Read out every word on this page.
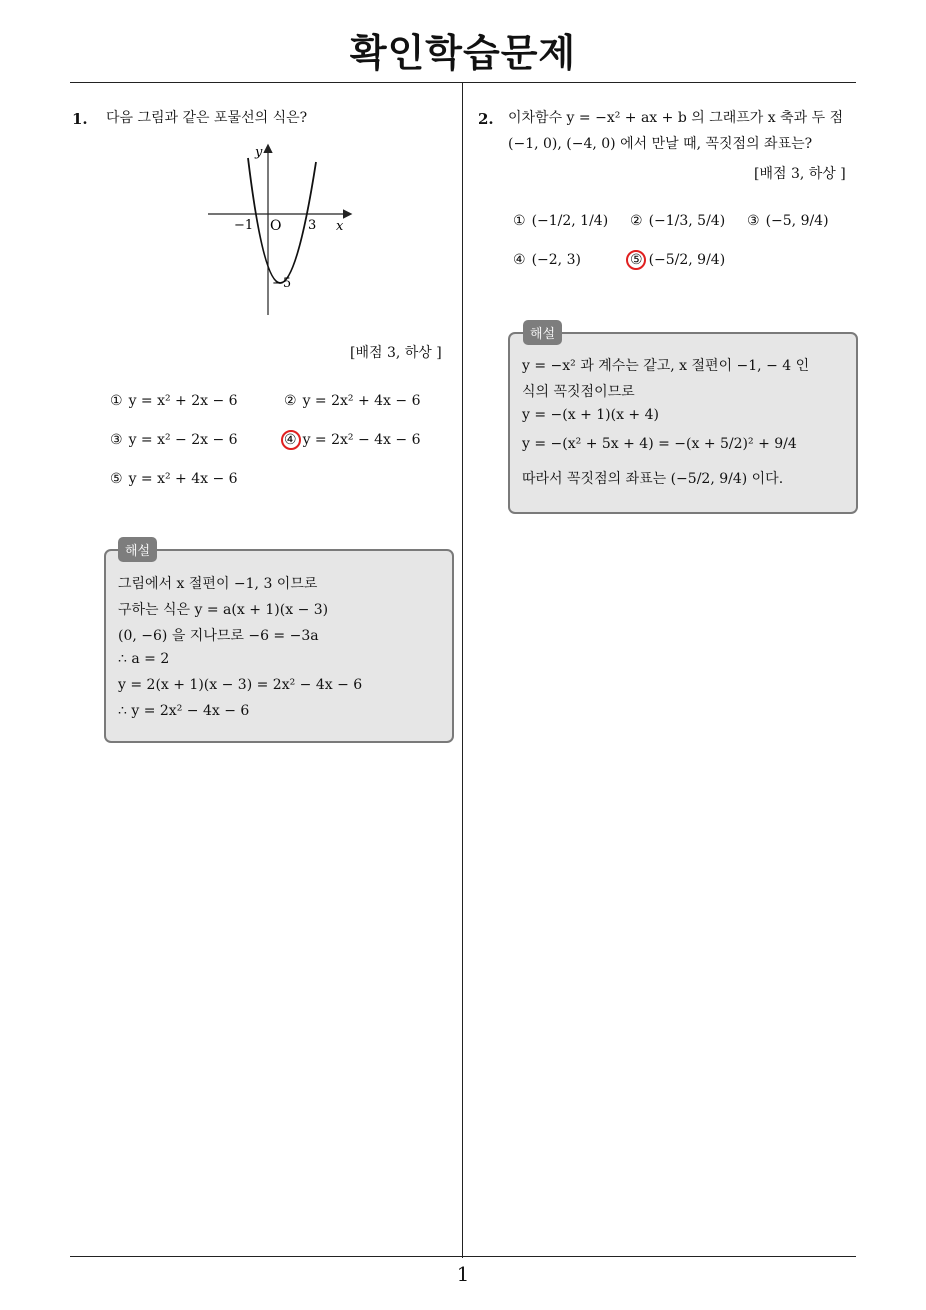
확인학습문제
1. 다음 그림과 같은 포물선의 식은?
y
x
O
−1	3
−5
[배점 3, 하상 ]
① y = x² + 2x − 6	② y = 2x² + 4x − 6
③ y = x² − 2x − 6	④ y = 2x² − 4x − 6
⑤ y = x² + 4x − 6
해설
그림에서 x 절편이 −1, 3 이므로
구하는 식은 y = a(x + 1)(x − 3)
(0, −6) 을 지나므로 −6 = −3a
∴ a = 2
y = 2(x + 1)(x − 3) = 2x² − 4x − 6
∴ y = 2x² − 4x − 6
2. 이차함수 y = −x² + ax + b 의 그래프가 x 축과 두 점
(−1, 0), (−4, 0) 에서 만날 때, 꼭짓점의 좌표는?
[배점 3, 하상 ]
① (−1/2, 1/4) ② (−1/3, 5/4) ③ (−5, 9/4)
④ (−2, 3)	⑤ (−5/2, 9/4)
해설
y = −x² 과 계수는 같고, x 절편이 −1, − 4 인
식의 꼭짓점이므로
y = −(x + 1)(x + 4)
y = −(x² + 5x + 4) = −(x + 5/2)² + 9/4
따라서 꼭짓점의 좌표는 (−5/2, 9/4) 이다.
1
